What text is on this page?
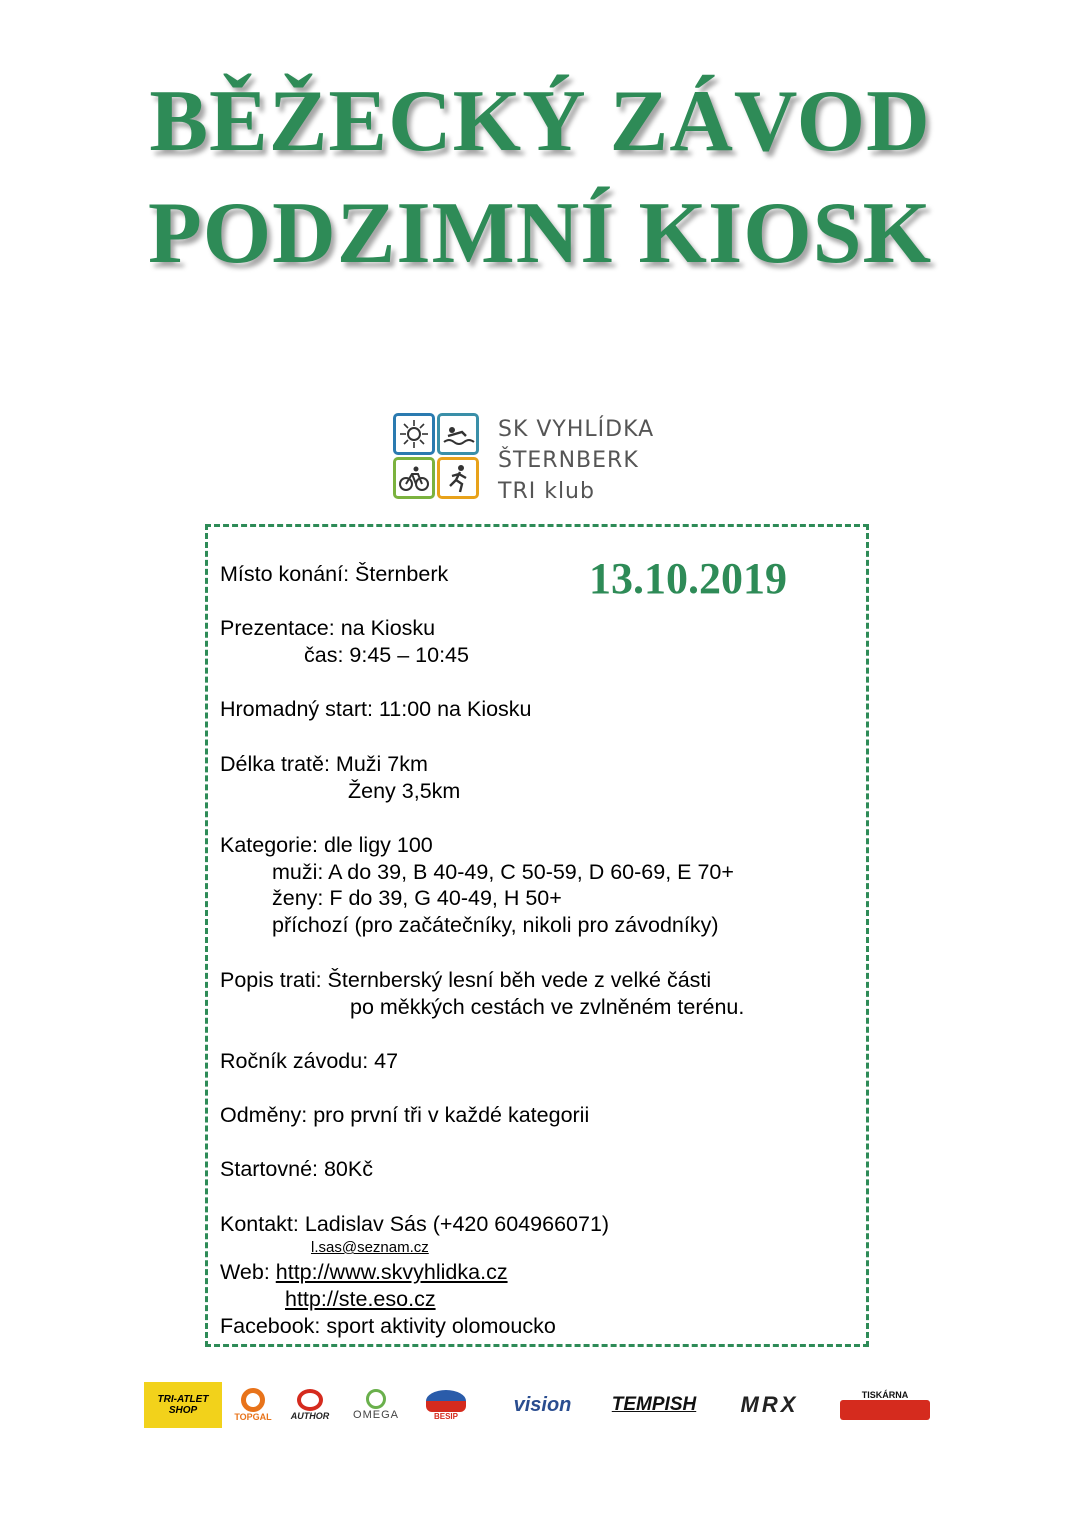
BĚŽECKÝ ZÁVOD
PODZIMNÍ KIOSK
SK VYHLÍDKA
ŠTERNBERK
TRI klub
13.10.2019
Místo konání: Šternberk
Prezentace: na Kiosku
čas: 9:45 – 10:45
Hromadný start: 11:00 na Kiosku
Délka tratě: Muži 7km
Ženy 3,5km
Kategorie: dle ligy 100
muži: A do 39, B 40-49, C 50-59, D 60-69, E 70+
ženy: F do 39, G 40-49, H 50+
příchozí (pro začátečníky, nikoli pro závodníky)
Popis trati: Šternberský lesní běh vede z velké části
po měkkých cestách ve zvlněném terénu.
Ročník závodu: 47
Odměny: pro první tři v každé kategorii
Startovné: 80Kč
Kontakt: Ladislav Sás (+420 604966071)
l.sas@seznam.cz
Web: http://www.skvyhlidka.cz
http://ste.eso.cz
Facebook: sport aktivity olomoucko
TRI-ATLET SHOP
TOPGAL AUTHOR OMEGA	BESIP
vision TEMPISH MRX	TISKÁRNA
